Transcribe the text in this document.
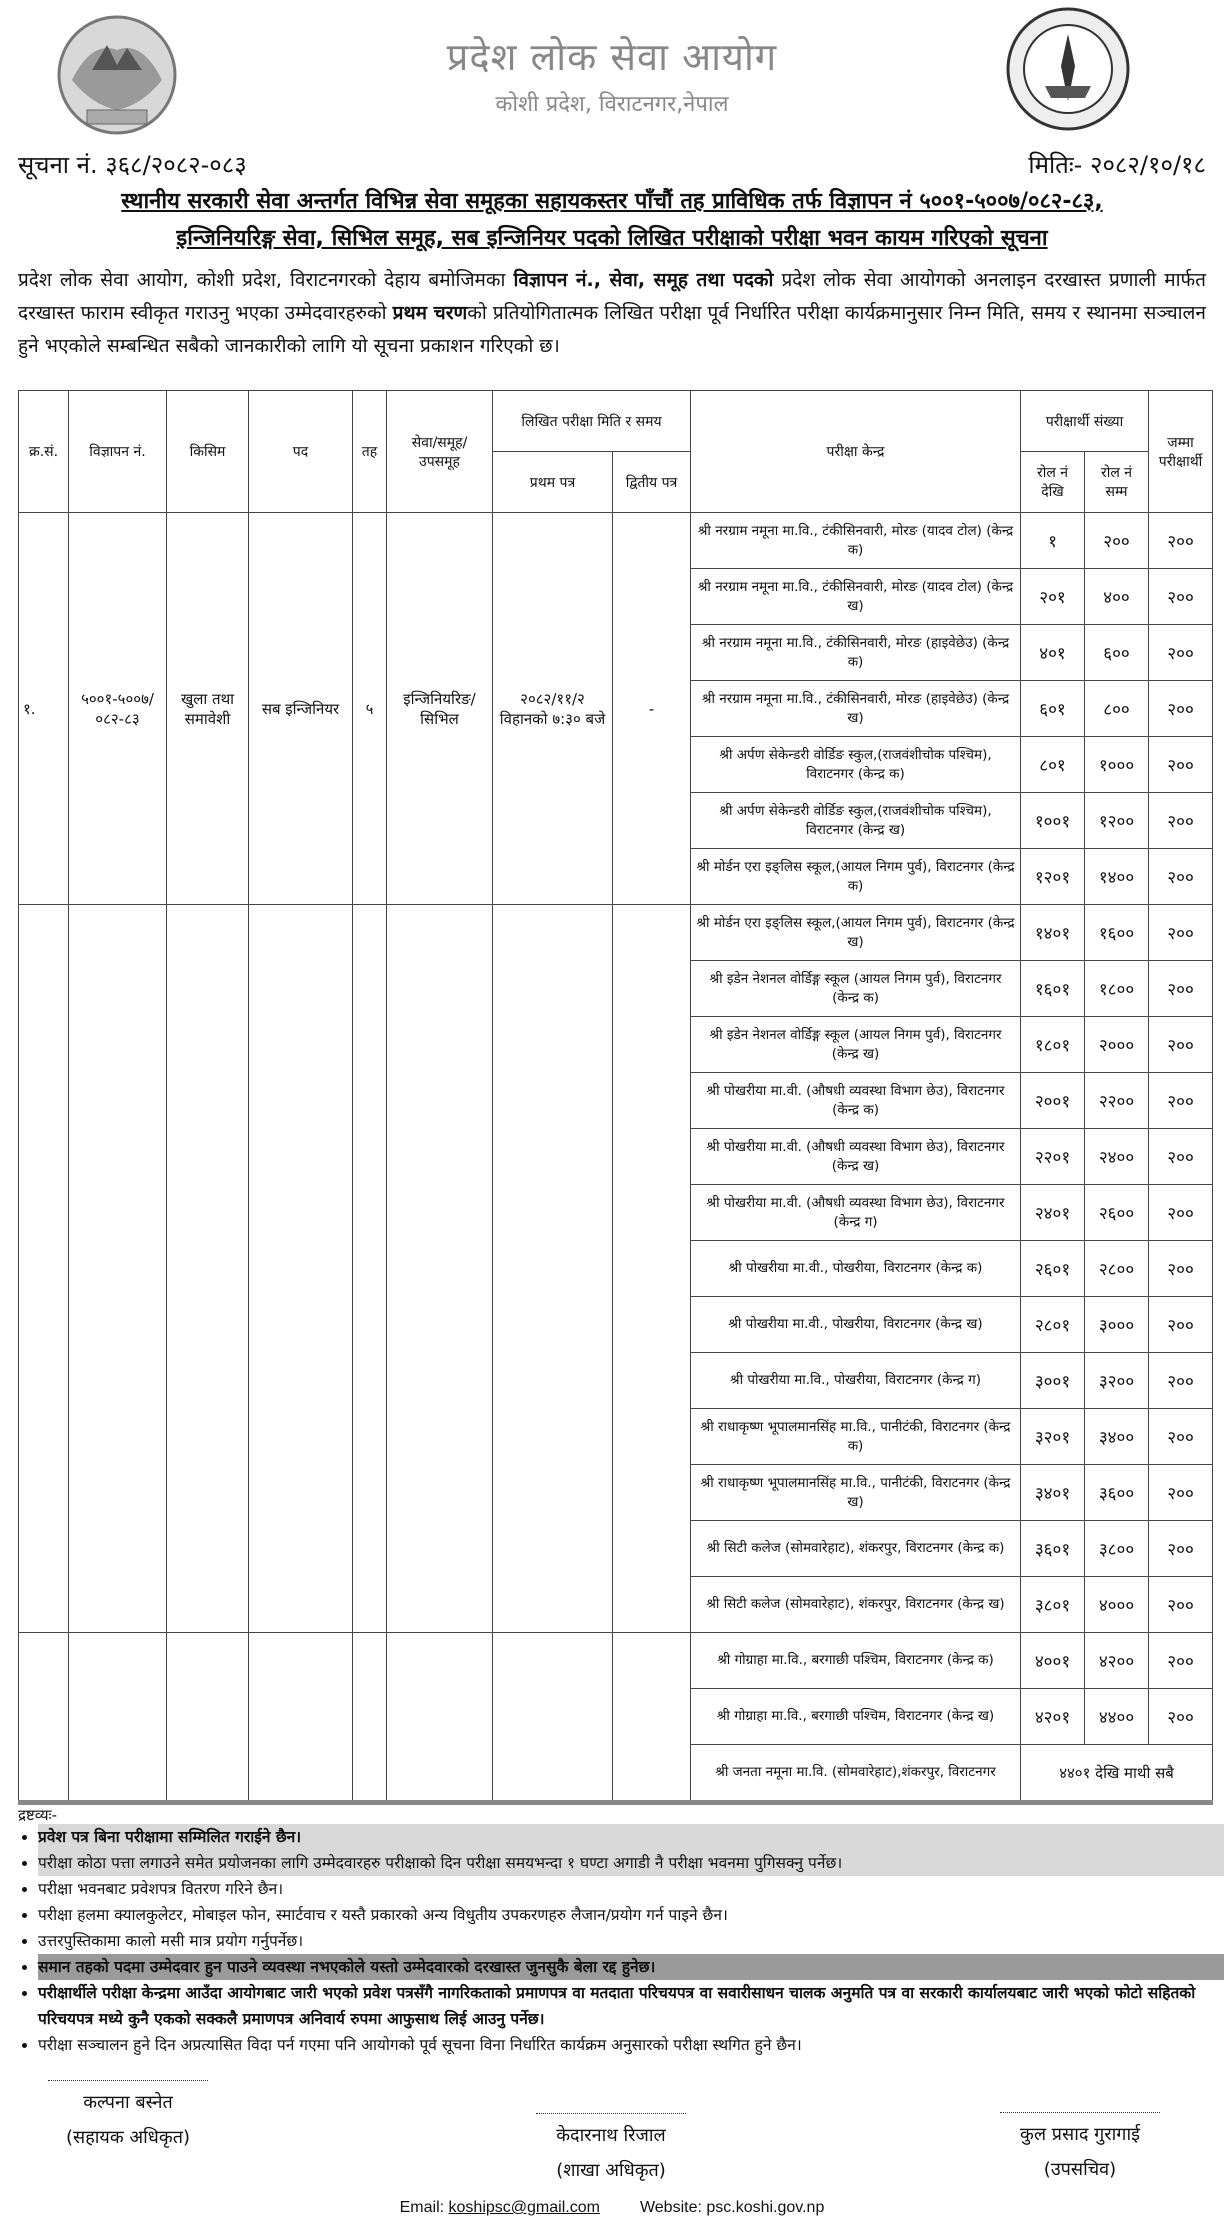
प्रदेश लोक सेवा आयोग
कोशी प्रदेश, विराटनगर,नेपाल
सूचना नं. ३६८/२०८२-०८३	मितिः- २०८२/१०/१८
स्थानीय सरकारी सेवा अन्तर्गत विभिन्न सेवा समूहका सहायकस्तर पाँचौं तह प्राविधिक तर्फ विज्ञापन नं ५००१-५००७/०८२-८३,
इन्जिनियरिङ्ग सेवा, सिभिल समूह, सब इन्जिनियर पदको लिखित परीक्षाको परीक्षा भवन कायम गरिएको सूचना
प्रदेश लोक सेवा आयोग, कोशी प्रदेश, विराटनगरको देहाय बमोजिमका विज्ञापन नं., सेवा, समूह तथा पदको प्रदेश लोक सेवा आयोगको अनलाइन दरखास्त प्रणाली मार्फत दरखास्त फाराम स्वीकृत गराउनु भएका उम्मेदवारहरुको प्रथम चरणको प्रतियोगितात्मक लिखित परीक्षा पूर्व निर्धारित परीक्षा कार्यक्रमानुसार निम्न मिति, समय र स्थानमा सञ्चालन हुने भएकोले सम्बन्धित सबैको जानकारीको लागि यो सूचना प्रकाशन गरिएको छ।
क्र.सं.	विज्ञापन नं.	किसिम	पद	तह	सेवा/समूह/ उपसमूह	लिखित परीक्षा मिति र समय		परीक्षा केन्द्र	परीक्षार्थी संख्या		जम्मा परीक्षार्थी
						प्रथम पत्र	द्वितीय पत्र		रोल नं देखि	रोल नं सम्म	
१.	५००१-५००७/ ०८२-८३	खुला तथा समावेशी	सब इन्जिनियर	५	इन्जिनियरिङ/ सिभिल	२०८२/११/२ विहानको ७:३० बजे	-	श्री नरग्राम नमूना मा.वि., टंकीसिनवारी, मोरङ (यादव टोल) (केन्द्र क)	१	२००	२००
								श्री नरग्राम नमूना मा.वि., टंकीसिनवारी, मोरङ (यादव टोल) (केन्द्र ख)	२०१	४००	२००
								श्री नरग्राम नमूना मा.वि., टंकीसिनवारी, मोरङ (हाइवेछेउ) (केन्द्र क)	४०१	६००	२००
								श्री नरग्राम नमूना मा.वि., टंकीसिनवारी, मोरङ (हाइवेछेउ) (केन्द्र ख)	६०१	८००	२००
								श्री अर्पण सेकेन्डरी वोर्डिङ स्कुल,(राजवंशीचोक पश्चिम), विराटनगर (केन्द्र क)	८०१	१०००	२००
								श्री अर्पण सेकेन्डरी वोर्डिङ स्कुल,(राजवंशीचोक पश्चिम), विराटनगर (केन्द्र ख)	१००१	१२००	२००
								श्री मोर्डन एरा इङ्लिस स्कूल,(आयल निगम पुर्व), विराटनगर (केन्द्र क)	१२०१	१४००	२००
								श्री मोर्डन एरा इङ्लिस स्कूल,(आयल निगम पुर्व), विराटनगर (केन्द्र ख)	१४०१	१६००	२००
								श्री इडेन नेशनल वोर्डिङ्ग स्कूल (आयल निगम पुर्व), विराटनगर (केन्द्र क)	१६०१	१८००	२००
								श्री इडेन नेशनल वोर्डिङ्ग स्कूल (आयल निगम पुर्व), विराटनगर (केन्द्र ख)	१८०१	२०००	२००
								श्री पोखरीया मा.वी. (औषधी व्यवस्था विभाग छेउ), विराटनगर (केन्द्र क)	२००१	२२००	२००
								श्री पोखरीया मा.वी. (औषधी व्यवस्था विभाग छेउ), विराटनगर (केन्द्र ख)	२२०१	२४००	२००
								श्री पोखरीया मा.वी. (औषधी व्यवस्था विभाग छेउ), विराटनगर (केन्द्र ग)	२४०१	२६००	२००
								श्री पोखरीया मा.वी., पोखरीया, विराटनगर (केन्द्र क)	२६०१	२८००	२००
								श्री पोखरीया मा.वी., पोखरीया, विराटनगर (केन्द्र ख)	२८०१	३०००	२००
								श्री पोखरीया मा.वि., पोखरीया, विराटनगर (केन्द्र ग)	३००१	३२००	२००
								श्री राधाकृष्ण भूपालमानसिंह मा.वि., पानीटंकी, विराटनगर (केन्द्र क)	३२०१	३४००	२००
								श्री राधाकृष्ण भूपालमानसिंह मा.वि., पानीटंकी, विराटनगर (केन्द्र ख)	३४०१	३६००	२००
								श्री सिटी कलेज (सोमवारेहाट), शंकरपुर, विराटनगर (केन्द्र क)	३६०१	३८००	२००
								श्री सिटी कलेज (सोमवारेहाट), शंकरपुर, विराटनगर (केन्द्र ख)	३८०१	४०००	२००
								श्री गोग्राहा मा.वि., बरगाछी पश्चिम, विराटनगर (केन्द्र क)	४००१	४२००	२००
								श्री गोग्राहा मा.वि., बरगाछी पश्चिम, विराटनगर (केन्द्र ख)	४२०१	४४००	२००
								श्री जनता नमूना मा.वि. (सोमवारेहाट),शंकरपुर, विराटनगर	४४०१ देखि माथी सबै		
द्रष्टव्यः-
• प्रवेश पत्र बिना परीक्षामा सम्मिलित गराईने छैन।
• परीक्षा कोठा पत्ता लगाउने समेत प्रयोजनका लागि उम्मेदवारहरु परीक्षाको दिन परीक्षा समयभन्दा १ घण्टा अगाडी नै परीक्षा भवनमा पुगिसक्नु पर्नेछ।
• परीक्षा भवनबाट प्रवेशपत्र वितरण गरिने छैन।
• परीक्षा हलमा क्यालकुलेटर, मोबाइल फोन, स्मार्टवाच र यस्तै प्रकारको अन्य विधुतीय उपकरणहरु लैजान/प्रयोग गर्न पाइने छैन।
• उत्तरपुस्तिकामा कालो मसी मात्र प्रयोग गर्नुपर्नेछ।
• समान तहको पदमा उम्मेदवार हुन पाउने व्यवस्था नभएकोले यस्तो उम्मेदवारको दरखास्त जुनसुकै बेला रद्द हुनेछ।
• परीक्षार्थीले परीक्षा केन्द्रमा आउँदा आयोगबाट जारी भएको प्रवेश पत्रसँगै नागरिकताको प्रमाणपत्र वा मतदाता परिचयपत्र वा सवारीसाधन चालक अनुमति पत्र वा सरकारी कार्यालयबाट जारी भएको फोटो सहितको परिचयपत्र मध्ये कुनै एकको सक्कलै प्रमाणपत्र अनिवार्य रुपमा आफुसाथ लिई आउनु पर्नेछ।
• परीक्षा सञ्चालन हुने दिन अप्रत्यासित विदा पर्न गएमा पनि आयोगको पूर्व सूचना विना निर्धारित कार्यक्रम अनुसारको परीक्षा स्थगित हुने छैन।
कल्पना बस्नेत
(सहायक अधिकृत)	केदारनाथ रिजाल
(शाखा अधिकृत)
कुल प्रसाद गुरागाई
(उपसचिव)
Email: koshipsc@gmail.com	Website: psc.koshi.gov.np
